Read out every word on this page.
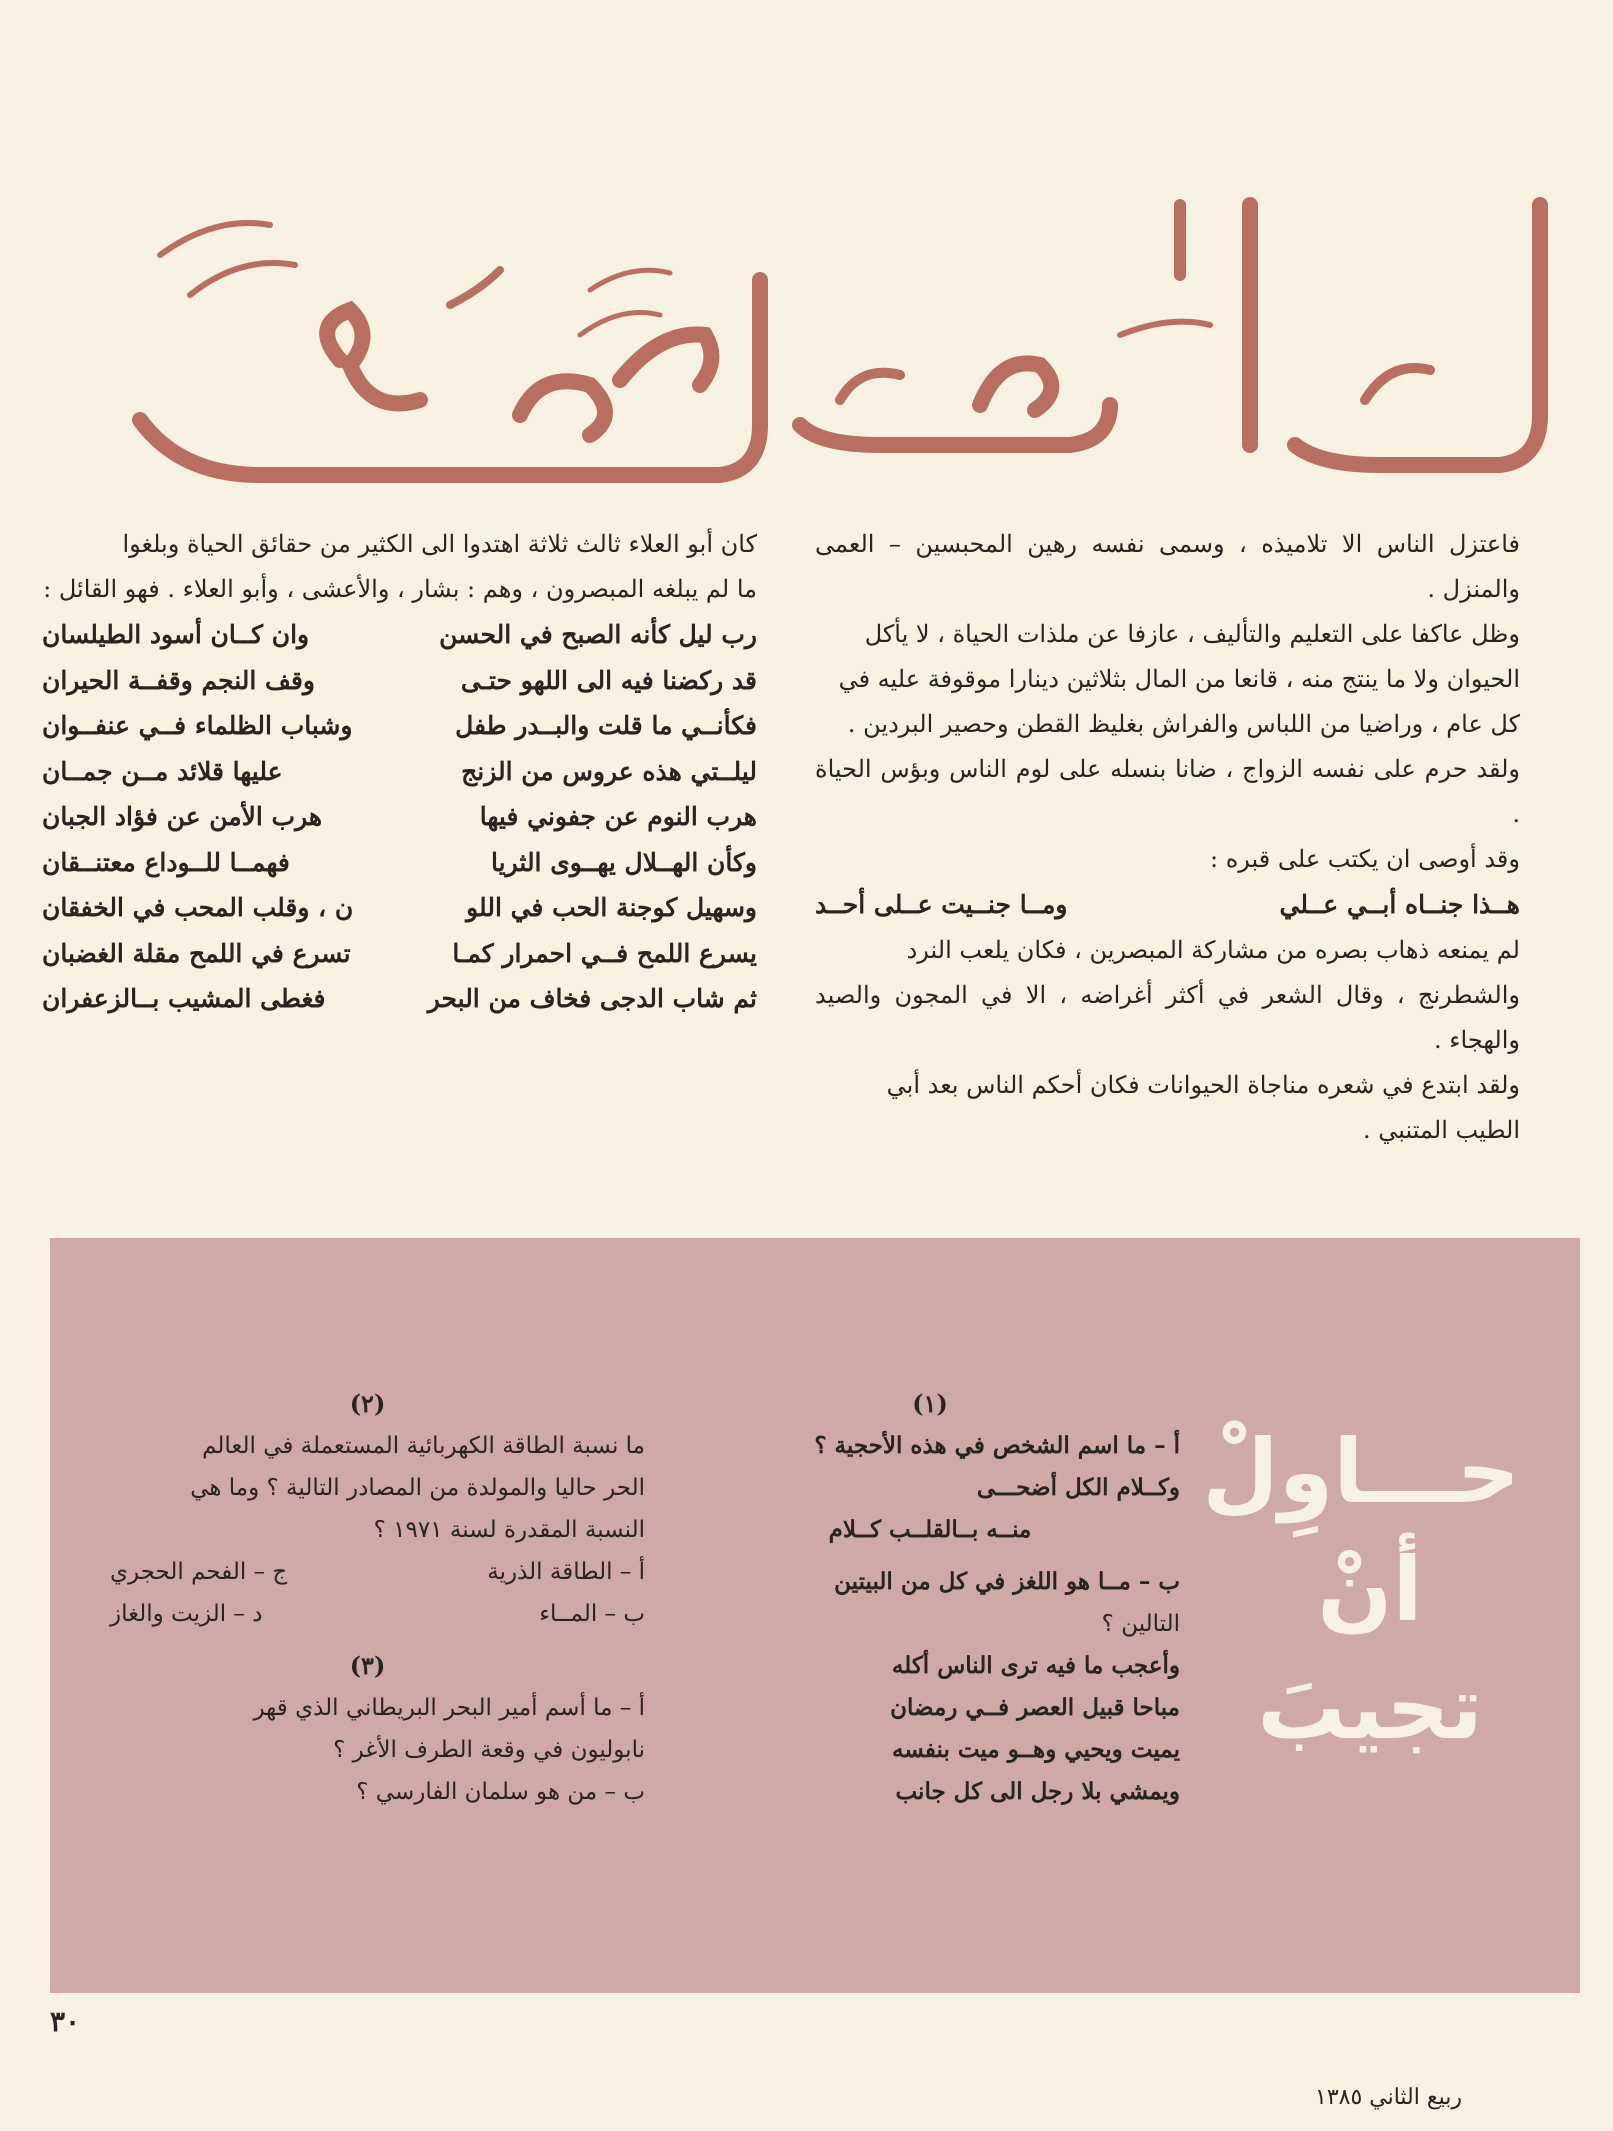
فاعتزل الناس الا تلاميذه ، وسمى نفسه رهين المحبسين – العمى والمنزل .

وظل عاكفا على التعليم والتأليف ، عازفا عن ملذات الحياة ، لا يأكل

الحيوان ولا ما ينتج منه ، قانعا من المال بثلاثين دينارا موقوفة عليه في

كل عام ، وراضيا من اللباس والفراش بغليظ القطن وحصير البردين .

ولقد حرم على نفسه الزواج ، ضانا بنسله على لوم الناس وبؤس الحياة .

وقد أوصى ان يكتب على قبره :

هــذا جنــاه أبــي عــلي
ومــا جنــيت عــلى أحــد

لم يمنعه ذهاب بصره من مشاركة المبصرين ، فكان يلعب النرد

والشطرنج ، وقال الشعر في أكثر أغراضه ، الا في المجون والصيد والهجاء .

ولقد ابتدع في شعره مناجاة الحيوانات فكان أحكم الناس بعد أبي

الطيب المتنبي .

كان أبو العلاء ثالث ثلاثة اهتدوا الى الكثير من حقائق الحياة وبلغوا

ما لم يبلغه المبصرون ، وهم : بشار ، والأعشى ، وأبو العلاء . فهو القائل :

رب ليل كأنه الصبح في الحسن
وان كــان أسود الطيلسان
قد ركضنا فيه الى اللهو حتـى
وقف النجم وقفــة الحيران
فكأنــي ما قلت والبــدر طفل
وشباب الظلماء فــي عنفــوان
ليلــتي هذه عروس من الزنج
عليها قلائد مــن جمــان
هرب النوم عن جفوني فيها
هرب الأمن عن فؤاد الجبان
وكأن الهــلال يهــوى الثريا
فهمــا للــوداع معتنــقان
وسهيل كوجنة الحب في اللو
ن ، وقلب المحب في الخفقان
يسرع اللمح فــي احمرار كمـا
تسرع في اللمح مقلة الغضبان
ثم شاب الدجى فخاف من البحر
فغطى المشيب بــالزعفران
حـــاوِلْ
أنْ
تجيبَ
(١)

أ – ما اسم الشخص في هذه الأحجية ؟

وكــلام الكل أضحـــى

منــه بــالقلــب كــلام

ب – مــا هو اللغز في كل من البيتين

التالين ؟

وأعجب ما فيه ترى الناس أكله

مباحا قبيل العصر فــي رمضان

يميت ويحيي وهــو ميت بنفسه

ويمشي بلا رجل الى كل جانب

(٢)

ما نسبة الطاقة الكهربائية المستعملة في العالم

الحر حاليا والمولدة من المصادر التالية ؟ وما هي

النسبة المقدرة لسنة ١٩٧١ ؟

أ – الطاقة الذرية
ج – الفحم الحجري
ب – المــاء
د – الزيت والغاز
(٣)

أ – ما أسم أمير البحر البريطاني الذي قهر

نابوليون في وقعة الطرف الأغر ؟

ب – من هو سلمان الفارسي ؟

٣٠
ربيع الثاني ١٣٨٥
